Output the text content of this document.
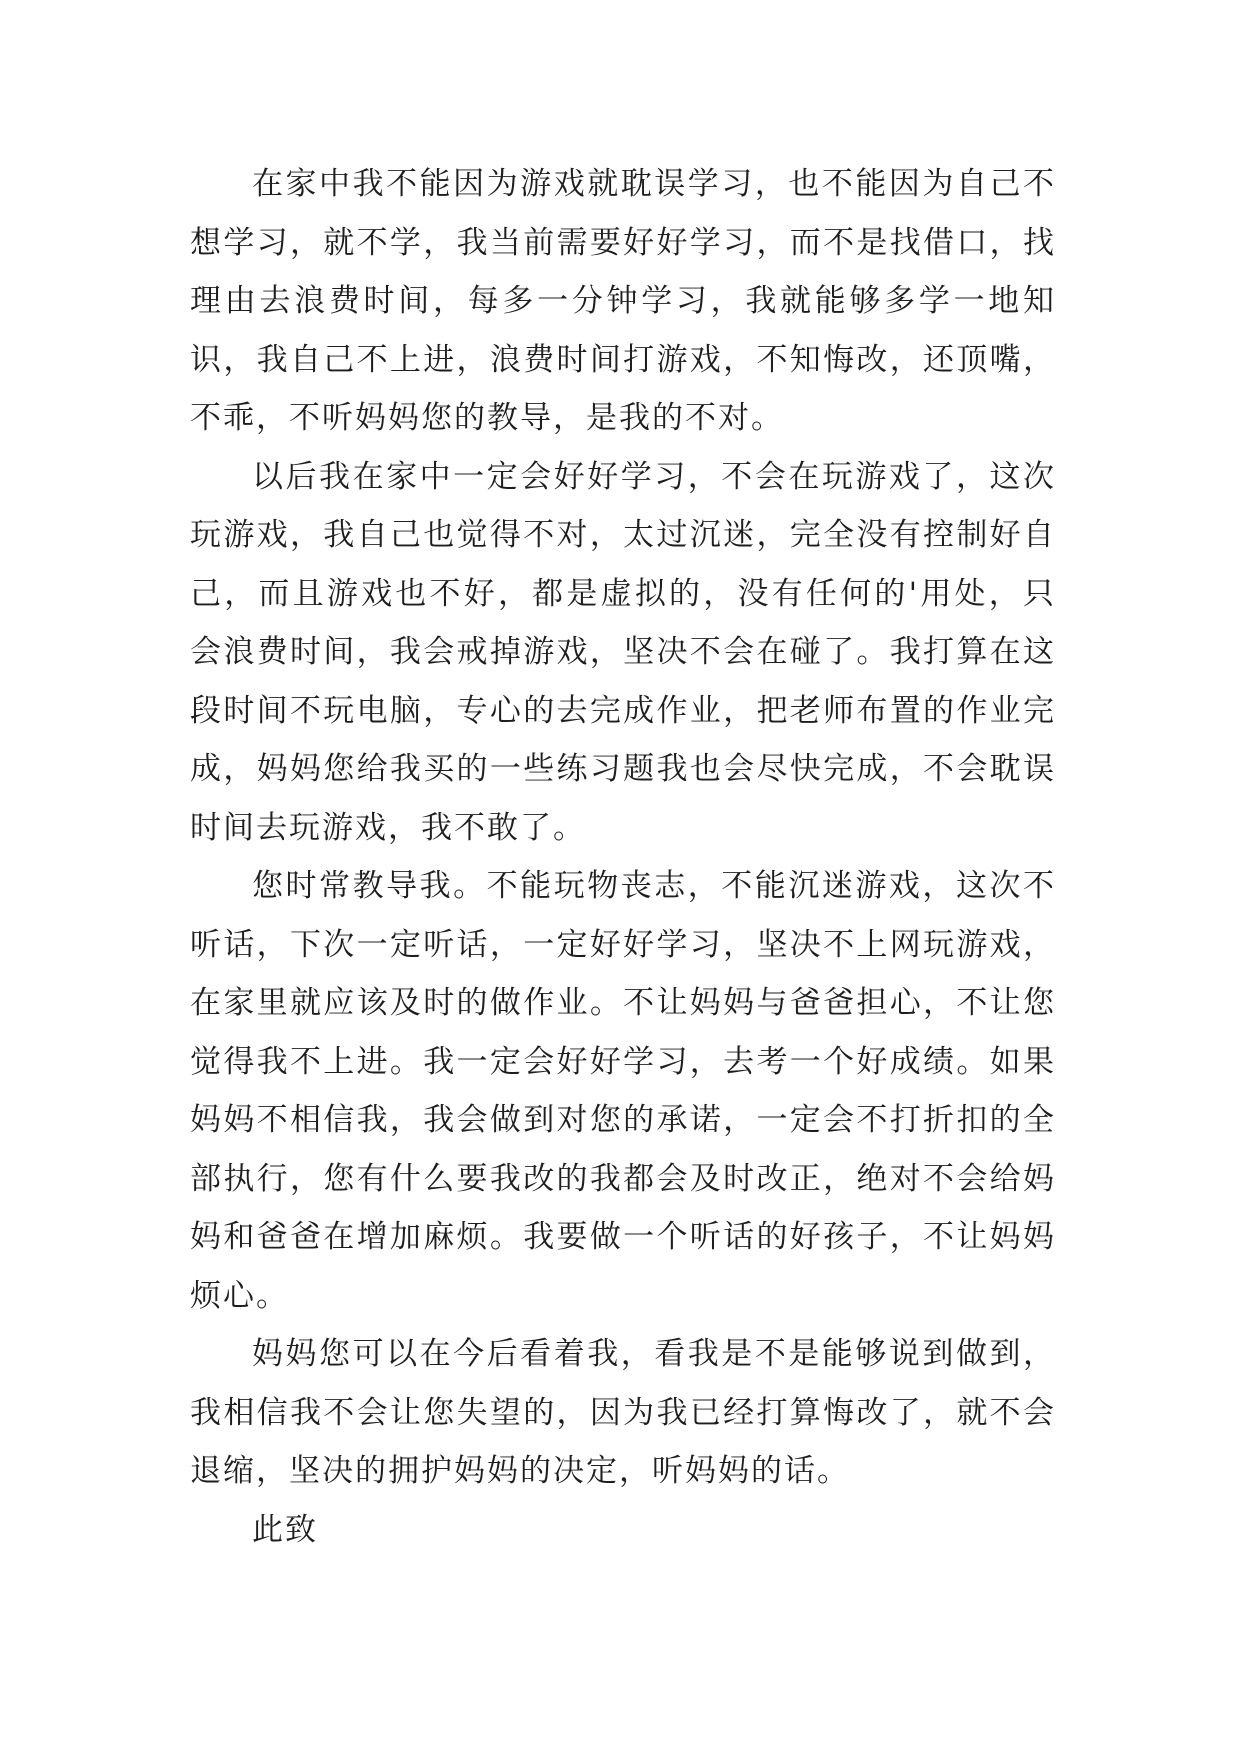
在家中我不能因为游戏就耽误学习，也不能因为自己不想学习，就不学，我当前需要好好学习，而不是找借口，找理由去浪费时间，每多一分钟学习，我就能够多学一地知识，我自己不上进，浪费时间打游戏，不知悔改，还顶嘴，不乖，不听妈妈您的教导，是我的不对。

以后我在家中一定会好好学习，不会在玩游戏了，这次玩游戏，我自己也觉得不对，太过沉迷，完全没有控制好自己，而且游戏也不好，都是虚拟的，没有任何的'用处，只会浪费时间，我会戒掉游戏，坚决不会在碰了。我打算在这段时间不玩电脑，专心的去完成作业，把老师布置的作业完成，妈妈您给我买的一些练习题我也会尽快完成，不会耽误时间去玩游戏，我不敢了。

您时常教导我。不能玩物丧志，不能沉迷游戏，这次不听话，下次一定听话，一定好好学习，坚决不上网玩游戏，在家里就应该及时的做作业。不让妈妈与爸爸担心，不让您觉得我不上进。我一定会好好学习，去考一个好成绩。如果妈妈不相信我，我会做到对您的承诺，一定会不打折扣的全部执行，您有什么要我改的我都会及时改正，绝对不会给妈妈和爸爸在增加麻烦。我要做一个听话的好孩子，不让妈妈烦心。

妈妈您可以在今后看着我，看我是不是能够说到做到，我相信我不会让您失望的，因为我已经打算悔改了，就不会退缩，坚决的拥护妈妈的决定，听妈妈的话。

此致
